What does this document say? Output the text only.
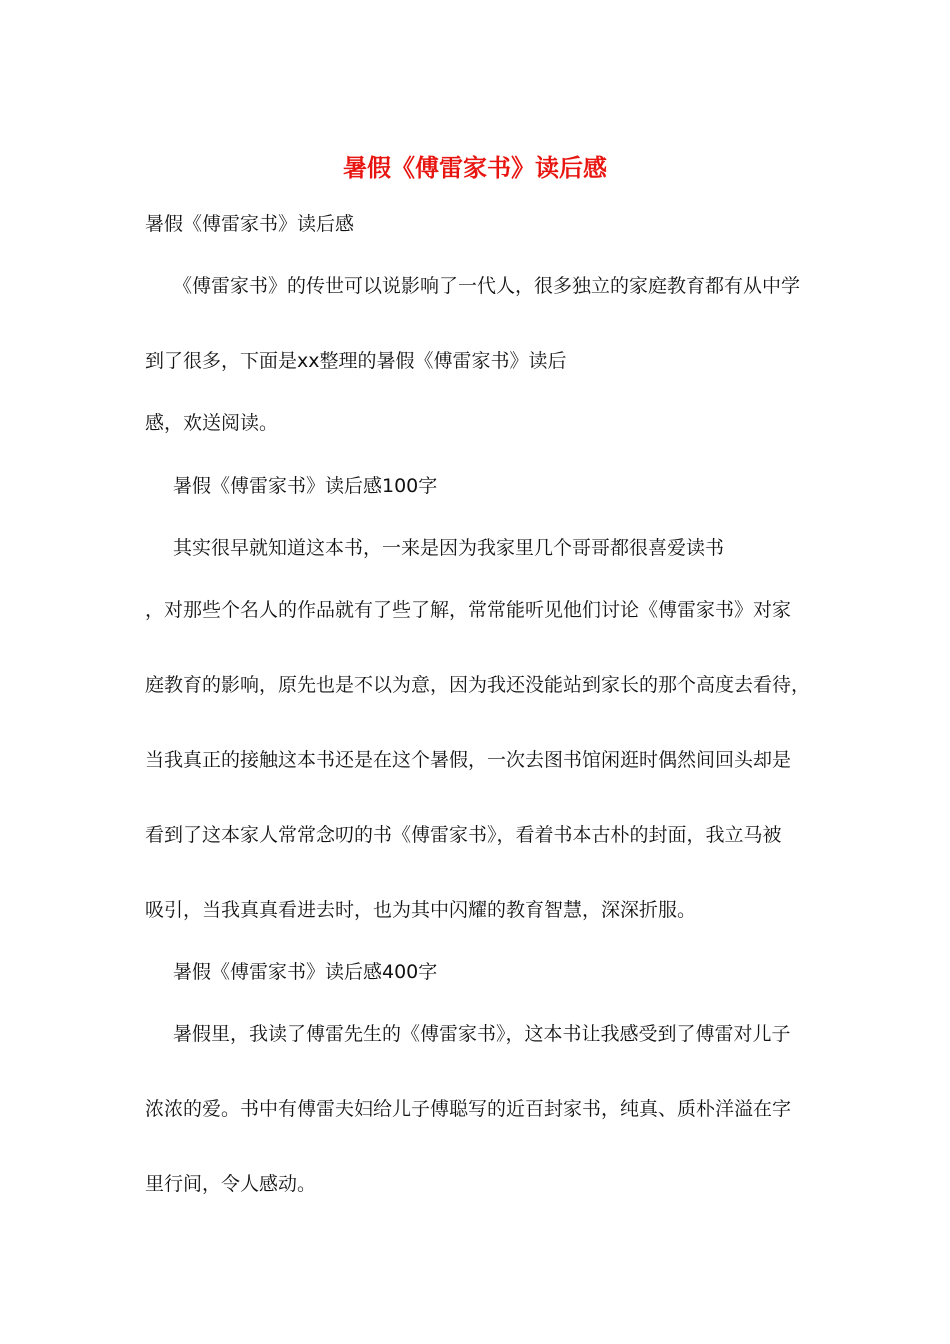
暑假《傅雷家书》读后感
暑假《傅雷家书》读后感
《傅雷家书》的传世可以说影响了一代人，很多独立的家庭教育都有从中学
到了很多，下面是xx整理的暑假《傅雷家书》读后
感，欢送阅读。
暑假《傅雷家书》读后感100字
其实很早就知道这本书，一来是因为我家里几个哥哥都很喜爱读书
，对那些个名人的作品就有了些了解，常常能听见他们讨论《傅雷家书》对家
庭教育的影响，原先也是不以为意，因为我还没能站到家长的那个高度去看待，
当我真正的接触这本书还是在这个暑假，一次去图书馆闲逛时偶然间回头却是
看到了这本家人常常念叨的书《傅雷家书》，看着书本古朴的封面，我立马被
吸引，当我真真看进去时，也为其中闪耀的教育智慧，深深折服。
暑假《傅雷家书》读后感400字
暑假里，我读了傅雷先生的《傅雷家书》，这本书让我感受到了傅雷对儿子
浓浓的爱。书中有傅雷夫妇给儿子傅聪写的近百封家书，纯真、质朴洋溢在字
里行间，令人感动。
